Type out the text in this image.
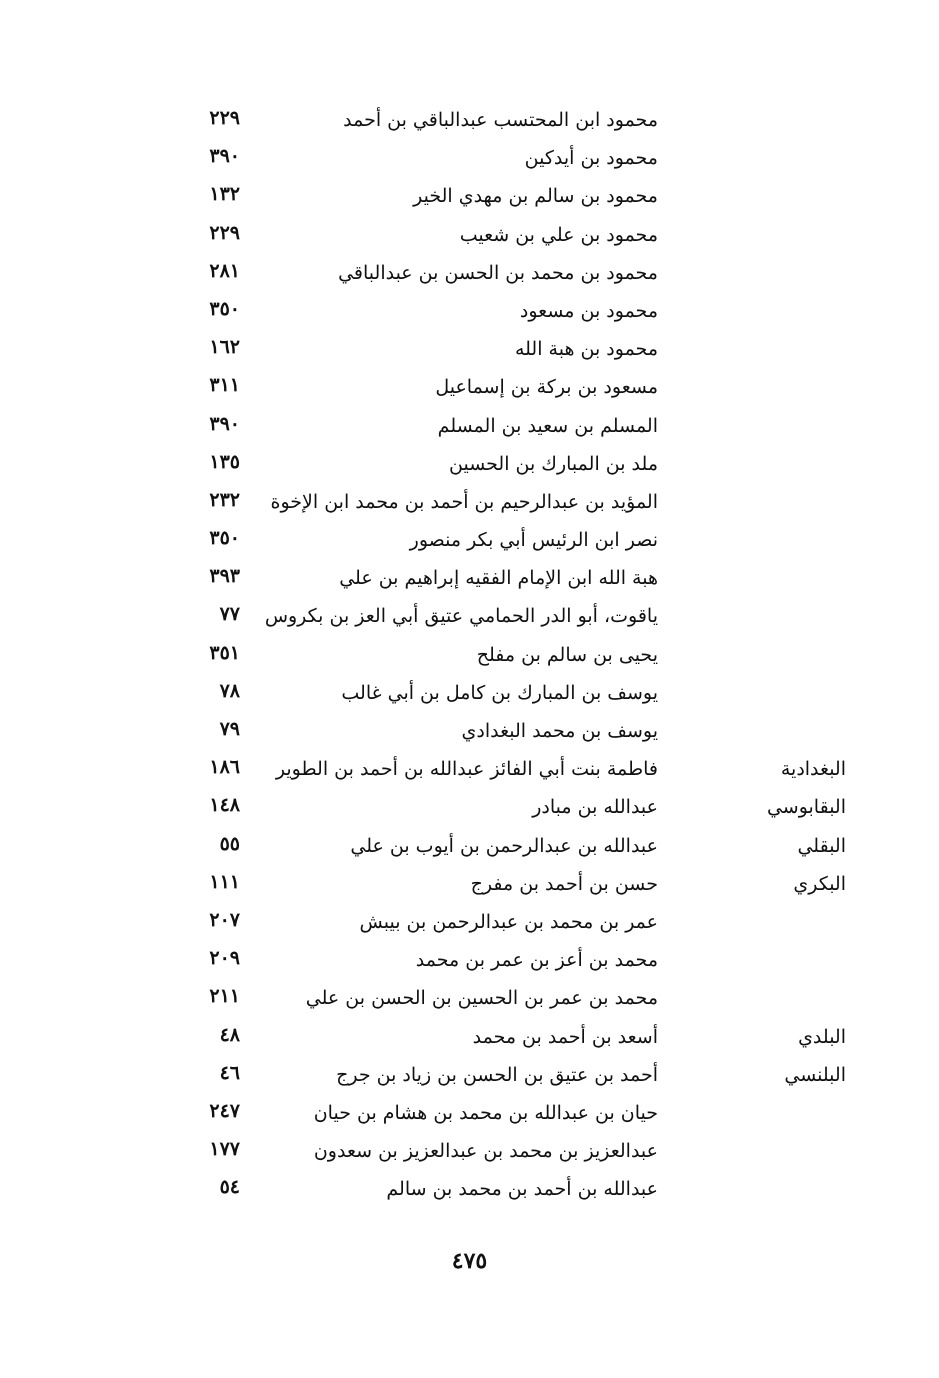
محمود ابن المحتسب عبدالباقي بن أحمد
٢٢٩
محمود بن أيدكين
٣٩٠
محمود بن سالم بن مهدي الخير
١٣٢
محمود بن علي بن شعيب
٢٢٩
محمود بن محمد بن الحسن بن عبدالباقي
٢٨١
محمود بن مسعود
٣٥٠
محمود بن هبة الله
١٦٢
مسعود بن بركة بن إسماعيل
٣١١
المسلم بن سعيد بن المسلم
٣٩٠
ملد بن المبارك بن الحسين
١٣٥
المؤيد بن عبدالرحيم بن أحمد بن محمد ابن الإخوة
٢٣٢
نصر ابن الرئيس أبي بكر منصور
٣٥٠
هبة الله ابن الإمام الفقيه إبراهيم بن علي
٣٩٣
ياقوت، أبو الدر الحمامي عتيق أبي العز بن بكروس
٧٧
يحيى بن سالم بن مفلح
٣٥١
يوسف بن المبارك بن كامل بن أبي غالب
٧٨
يوسف بن محمد البغدادي
٧٩
البغدادية
فاطمة بنت أبي الفائز عبدالله بن أحمد بن الطوير
١٨٦
البقابوسي
عبدالله بن مبادر
١٤٨
البقلي
عبدالله بن عبدالرحمن بن أيوب بن علي
٥٥
البكري
حسن بن أحمد بن مفرج
١١١
عمر بن محمد بن عبدالرحمن بن بيبش
٢٠٧
محمد بن أعز بن عمر بن محمد
٢٠٩
محمد بن عمر بن الحسين بن الحسن بن علي
٢١١
البلدي
أسعد بن أحمد بن محمد
٤٨
البلنسي
أحمد بن عتيق بن الحسن بن زياد بن جرج
٤٦
حيان بن عبدالله بن محمد بن هشام بن حيان
٢٤٧
عبدالعزيز بن محمد بن عبدالعزيز بن سعدون
١٧٧
عبدالله بن أحمد بن محمد بن سالم
٥٤
٤٧٥
